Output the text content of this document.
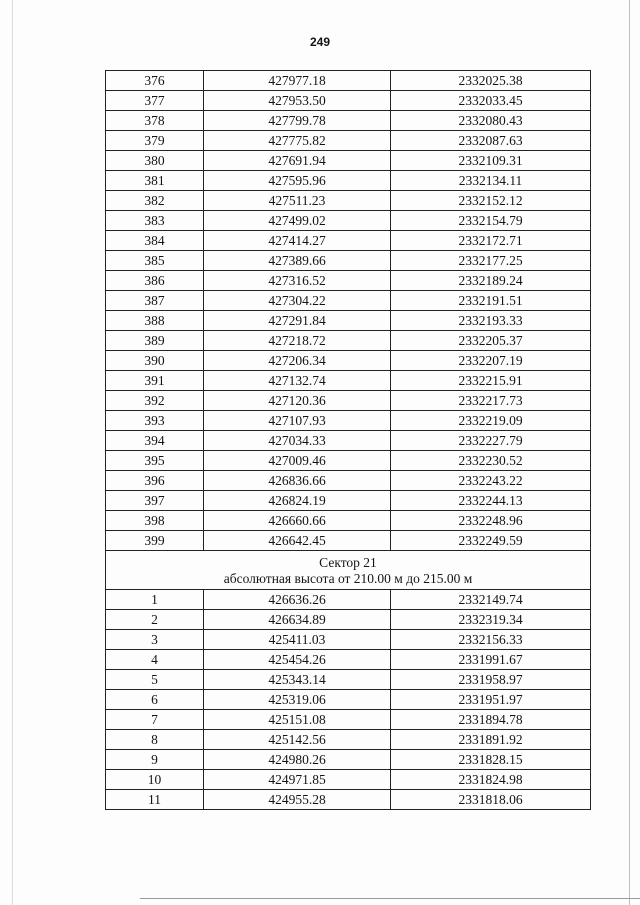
249
376	427977.18	2332025.38
377	427953.50	2332033.45
378	427799.78	2332080.43
379	427775.82	2332087.63
380	427691.94	2332109.31
381	427595.96	2332134.11
382	427511.23	2332152.12
383	427499.02	2332154.79
384	427414.27	2332172.71
385	427389.66	2332177.25
386	427316.52	2332189.24
387	427304.22	2332191.51
388	427291.84	2332193.33
389	427218.72	2332205.37
390	427206.34	2332207.19
391	427132.74	2332215.91
392	427120.36	2332217.73
393	427107.93	2332219.09
394	427034.33	2332227.79
395	427009.46	2332230.52
396	426836.66	2332243.22
397	426824.19	2332244.13
398	426660.66	2332248.96
399	426642.45	2332249.59

Сектор 21
абсолютная высота от 210.00 м до 215.00 м		

1	426636.26	2332149.74
2	426634.89	2332319.34
3	425411.03	2332156.33
4	425454.26	2331991.67
5	425343.14	2331958.97
6	425319.06	2331951.97
7	425151.08	2331894.78
8	425142.56	2331891.92
9	424980.26	2331828.15
10	424971.85	2331824.98
11	424955.28	2331818.06
